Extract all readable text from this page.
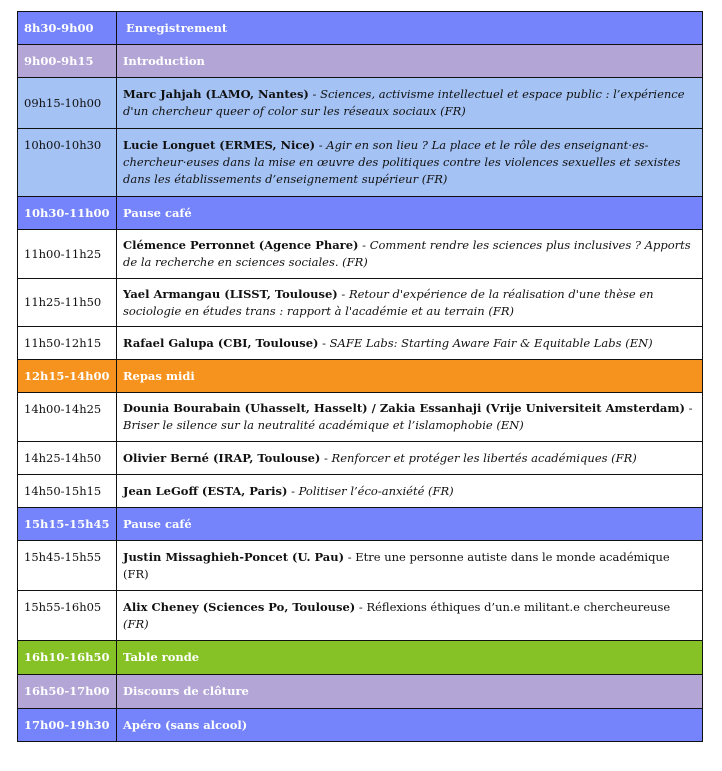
8h30-9h00	Enregistrement
9h00-9h15	Introduction
09h15-10h00	Marc Jahjah (LAMO, Nantes) - Sciences, activisme intellectuel et espace public : l’expérience d'un chercheur queer of color sur les réseaux sociaux (FR)
10h00-10h30	Lucie Longuet (ERMES, Nice) - Agir en son lieu ? La place et le rôle des enseignant·es-chercheur·euses dans la mise en œuvre des politiques contre les violences sexuelles et sexistes dans les établissements d’enseignement supérieur (FR)
10h30-11h00	Pause café
11h00-11h25	Clémence Perronnet (Agence Phare) - Comment rendre les sciences plus inclusives ? Apports de la recherche en sciences sociales. (FR)
11h25-11h50	Yael Armangau (LISST, Toulouse) - Retour d'expérience de la réalisation d'une thèse en sociologie en études trans : rapport à l'académie et au terrain (FR)
11h50-12h15	Rafael Galupa (CBI, Toulouse) - SAFE Labs: Starting Aware Fair & Equitable Labs (EN)
12h15-14h00	Repas midi
14h00-14h25	Dounia Bourabain (Uhasselt, Hasselt) / Zakia Essanhaji (Vrije Universiteit Amsterdam) - Briser le silence sur la neutralité académique et l’islamophobie (EN)
14h25-14h50	Olivier Berné (IRAP, Toulouse) - Renforcer et protéger les libertés académiques (FR)
14h50-15h15	Jean LeGoff (ESTA, Paris) - Politiser l’éco-anxiété (FR)
15h15-15h45	Pause café
15h45-15h55	Justin Missaghieh-Poncet (U. Pau) - Etre une personne autiste dans le monde académique (FR)
15h55-16h05	Alix Cheney (Sciences Po, Toulouse) - Réflexions éthiques d’un.e militant.e chercheureuse (FR)
16h10-16h50	Table ronde
16h50-17h00	Discours de clôture
17h00-19h30	Apéro (sans alcool)
